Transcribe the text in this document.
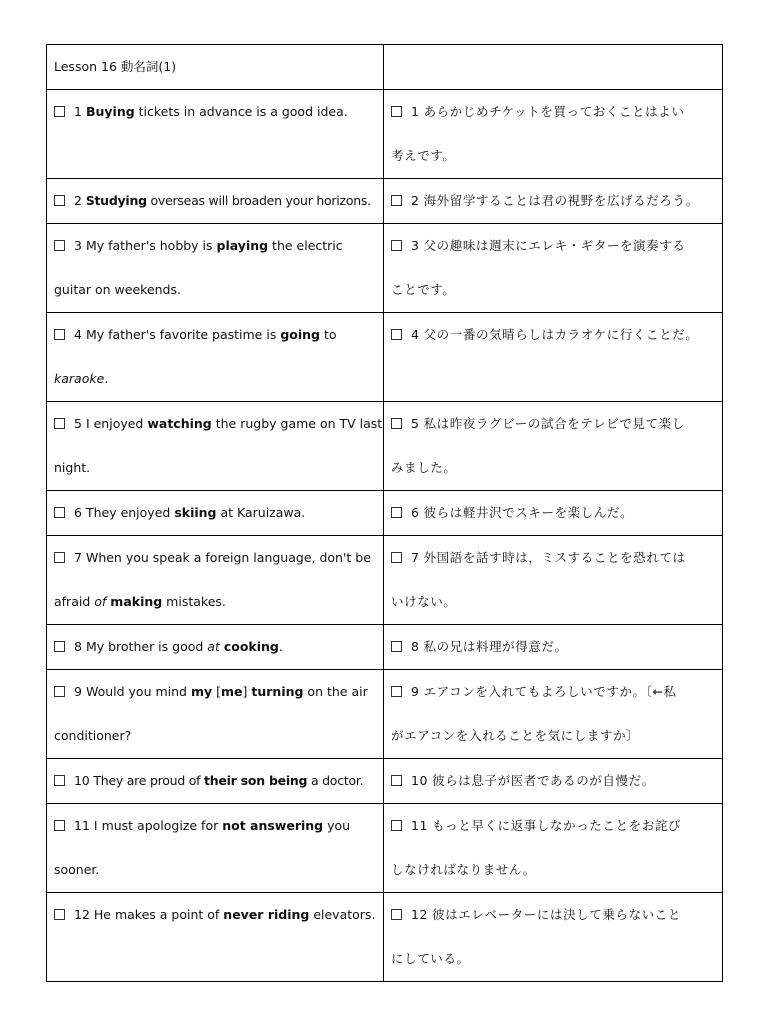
Lesson 16 動名詞(1)	
1 Buying tickets in advance is a good idea.	1 あらかじめチケットを買っておくことはよい
考えです。
2 Studying overseas will broaden your horizons.	2 海外留学することは君の視野を広げるだろう。
3 My father's hobby is playing the electric guitar on weekends.	3 父の趣味は週末にエレキ・ギターを演奏する
ことです。
4 My father's favorite pastime is going to karaoke.	4 父の一番の気晴らしはカラオケに行くことだ。
5 I enjoyed watching the rugby game on TV last night.	5 私は昨夜ラグビーの試合をテレビで見て楽し
みました。
6 They enjoyed skiing at Karuizawa.	6 彼らは軽井沢でスキーを楽しんだ。
7 When you speak a foreign language, don't be afraid of making mistakes.	7 外国語を話す時は，ミスすることを恐れては
いけない。
8 My brother is good at cooking.	8 私の兄は料理が得意だ。
9 Would you mind my [me] turning on the air conditioner?	9 エアコンを入れてもよろしいですか。〔←私
がエアコンを入れることを気にしますか〕
10 They are proud of their son being a doctor.	10 彼らは息子が医者であるのが自慢だ。
11 I must apologize for not answering you sooner.	11 もっと早くに返事しなかったことをお詫び
しなければなりません。
12 He makes a point of never riding elevators.	12 彼はエレベーターには決して乗らないこと
にしている。
